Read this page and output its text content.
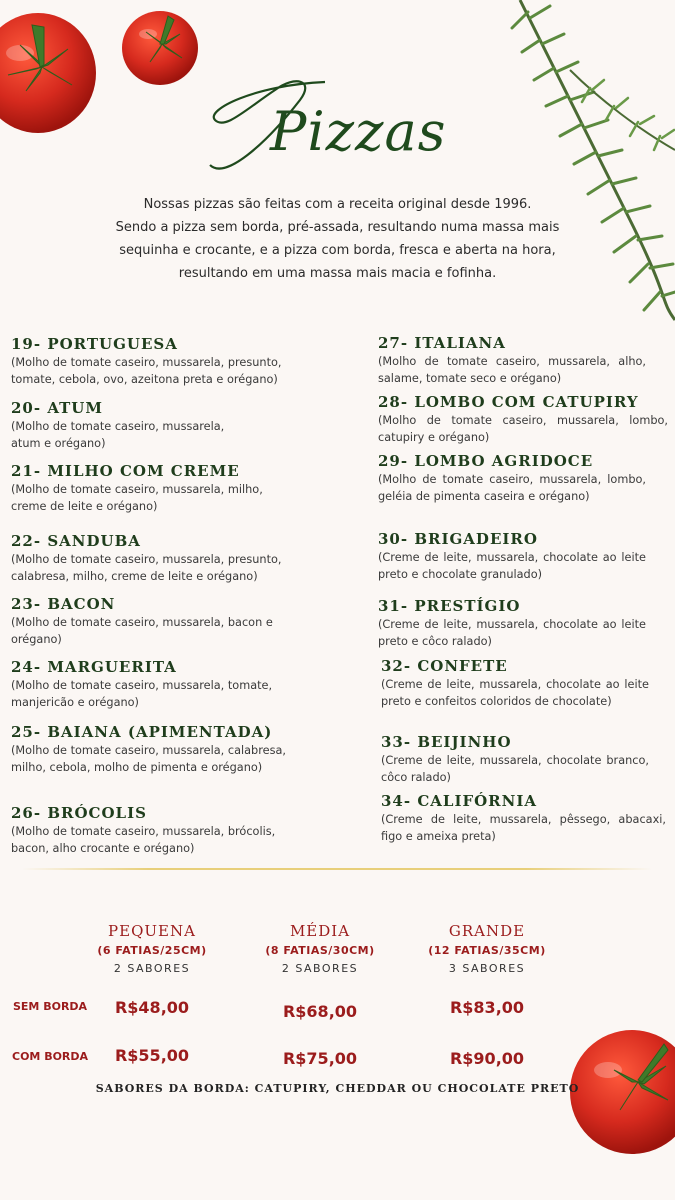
Pizzas
Nossas pizzas são feitas com a receita original desde 1996.
Sendo a pizza sem borda, pré-assada, resultando numa massa mais
sequinha e crocante, e a pizza com borda, fresca e aberta na hora,
resultando em uma massa mais macia e fofinha.
19- PORTUGUESA
(Molho de tomate caseiro, mussarela, presunto, tomate, cebola, ovo, azeitona preta e orégano)
20- ATUM
(Molho de tomate caseiro, mussarela, atum e orégano)
21- MILHO COM CREME
(Molho de tomate caseiro, mussarela, milho, creme de leite e orégano)
22- SANDUBA
(Molho de tomate caseiro, mussarela, presunto, calabresa, milho, creme de leite e orégano)
23- BACON
(Molho de tomate caseiro, mussarela, bacon e orégano)
24- MARGUERITA
(Molho de tomate caseiro, mussarela, tomate, manjericão e orégano)
25- BAIANA (APIMENTADA)
(Molho de tomate caseiro, mussarela, calabresa, milho, cebola, molho de pimenta e orégano)
26- BRÓCOLIS
(Molho de tomate caseiro, mussarela, brócolis, bacon, alho crocante e orégano)
27- ITALIANA
(Molho de tomate caseiro, mussarela, alho, salame, tomate seco e orégano)
28- LOMBO COM CATUPIRY
(Molho de tomate caseiro, mussarela, lombo, catupiry e orégano)
29- LOMBO AGRIDOCE
(Molho de tomate caseiro, mussarela, lombo, geléia de pimenta caseira e orégano)
30- BRIGADEIRO
(Creme de leite, mussarela, chocolate ao leite preto e chocolate granulado)
31- PRESTÍGIO
(Creme de leite, mussarela, chocolate ao leite preto e côco ralado)
32- CONFETE
(Creme de leite, mussarela, chocolate ao leite preto e confeitos coloridos de chocolate)
33- BEIJINHO
(Creme de leite, mussarela, chocolate branco, côco ralado)
34- CALIFÓRNIA
(Creme de leite, mussarela, pêssego, abacaxi, figo e ameixa preta)
PEQUENA
(6 FATIAS/25CM)
2 SABORES
MÉDIA
(8 FATIAS/30CM)
2 SABORES
GRANDE
(12 FATIAS/35CM)
3 SABORES
SEM BORDA	R$48,00	R$68,00	R$83,00
COM BORDA	R$55,00	R$75,00	R$90,00
SABORES DA BORDA: CATUPIRY, CHEDDAR OU CHOCOLATE PRETO
